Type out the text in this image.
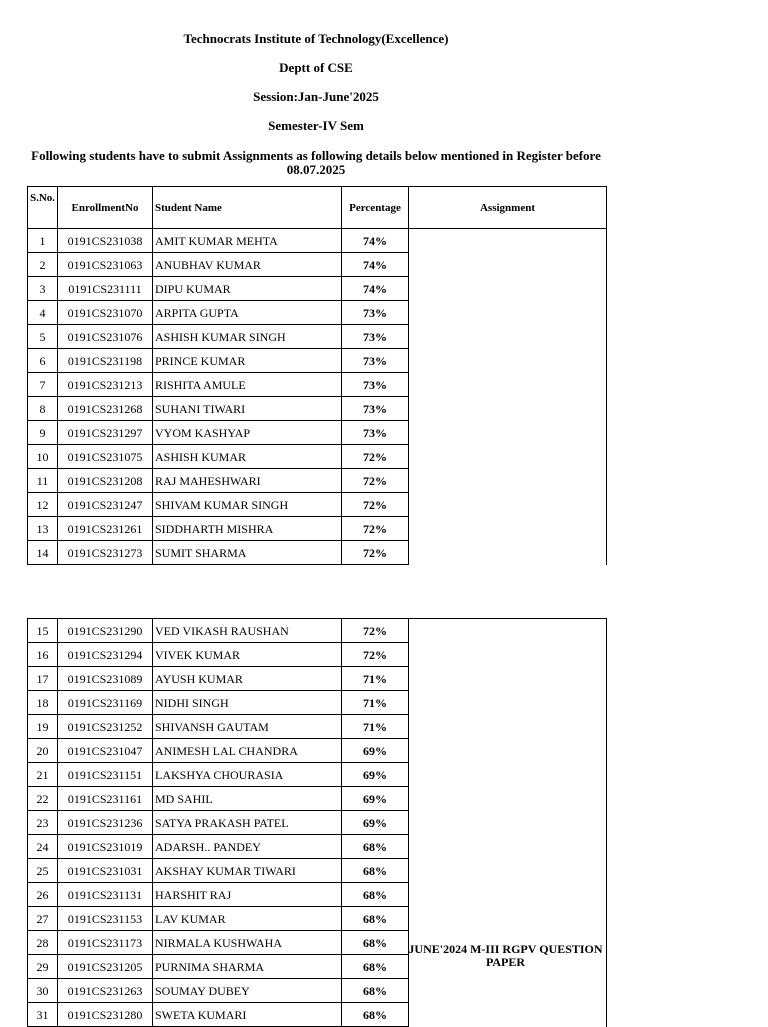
Technocrats Institute of Technology(Excellence)
Deptt of CSE
Session:Jan-June'2025
Semester-IV Sem
Following students have to submit Assignments as following details below mentioned in Register before 08.07.2025
S.No.	EnrollmentNo	Student Name	Percentage	Assignment
1	0191CS231038	AMIT KUMAR MEHTA	74%	
2	0191CS231063	ANUBHAV KUMAR	74%	
3	0191CS231111	DIPU KUMAR	74%	
4	0191CS231070	ARPITA GUPTA	73%	
5	0191CS231076	ASHISH KUMAR SINGH	73%	
6	0191CS231198	PRINCE KUMAR	73%	
7	0191CS231213	RISHITA AMULE	73%	
8	0191CS231268	SUHANI TIWARI	73%	
9	0191CS231297	VYOM KASHYAP	73%	
10	0191CS231075	ASHISH KUMAR	72%	
11	0191CS231208	RAJ MAHESHWARI	72%	
12	0191CS231247	SHIVAM KUMAR SINGH	72%	
13	0191CS231261	SIDDHARTH MISHRA	72%	
14	0191CS231273	SUMIT SHARMA	72%	
15	0191CS231290	VED VIKASH RAUSHAN	72%	
16	0191CS231294	VIVEK KUMAR	72%	
17	0191CS231089	AYUSH KUMAR	71%	
18	0191CS231169	NIDHI SINGH	71%	
19	0191CS231252	SHIVANSH GAUTAM	71%	
20	0191CS231047	ANIMESH LAL CHANDRA	69%	
21	0191CS231151	LAKSHYA CHOURASIA	69%	
22	0191CS231161	MD SAHIL	69%	
23	0191CS231236	SATYA PRAKASH PATEL	69%	
24	0191CS231019	ADARSH.. PANDEY	68%	
25	0191CS231031	AKSHAY KUMAR TIWARI	68%	
26	0191CS231131	HARSHIT RAJ	68%	
27	0191CS231153	LAV KUMAR	68%	
28	0191CS231173	NIRMALA KUSHWAHA	68%	
29	0191CS231205	PURNIMA SHARMA	68%	
30	0191CS231263	SOUMAY DUBEY	68%	
31	0191CS231280	SWETA KUMARI	68%	
JUNE'2024 M-III RGPV QUESTION PAPER
